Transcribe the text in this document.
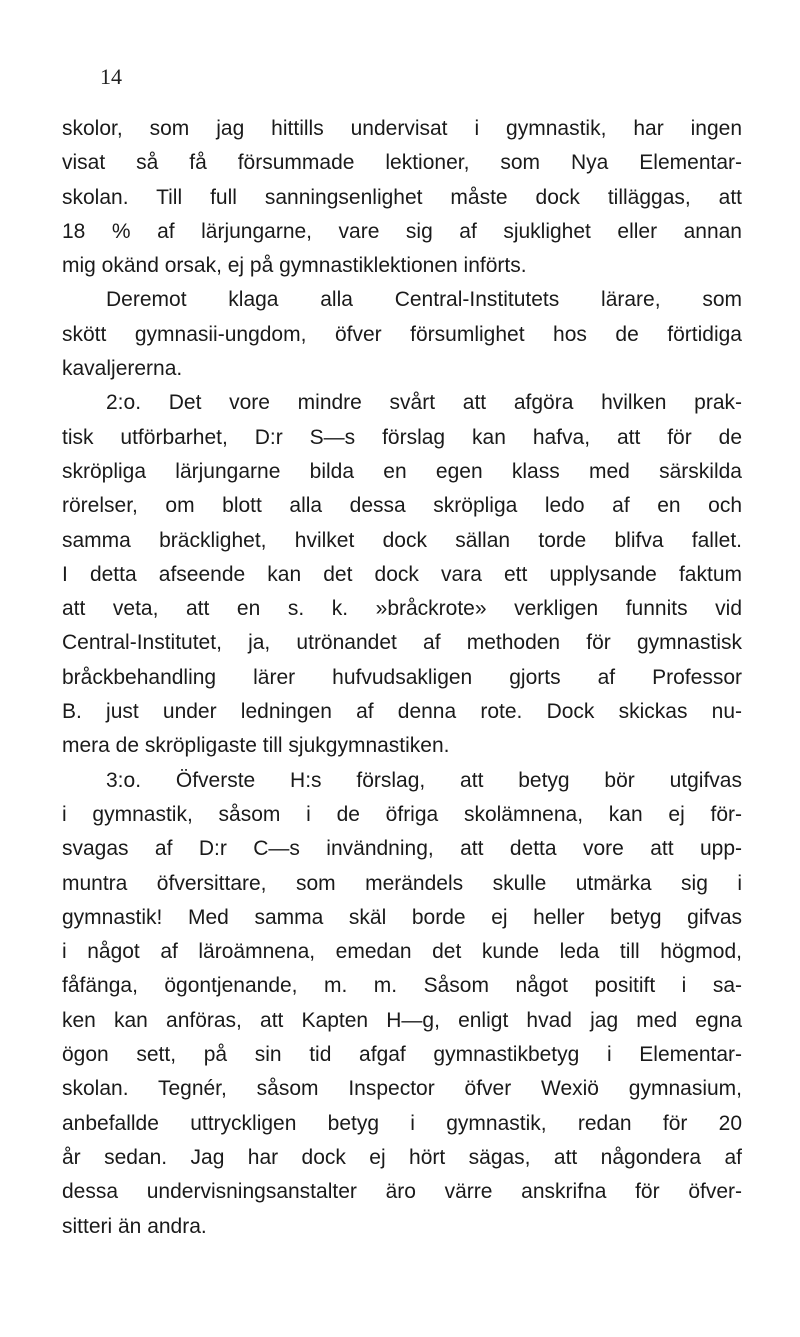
14
skolor, som jag hittills undervisat i gymnastik, har ingen
visat så få försummade lektioner, som Nya Elementar-
skolan. Till full sanningsenlighet måste dock tilläggas, att
18 % af lärjungarne, vare sig af sjuklighet eller annan
mig okänd orsak, ej på gymnastiklektionen införts.
Deremot klaga alla Central-Institutets lärare, som
skött gymnasii-ungdom, öfver försumlighet hos de förtidiga
kavaljererna.
2:o. Det vore mindre svårt att afgöra hvilken prak-
tisk utförbarhet, D:r S—s förslag kan hafva, att för de
skröpliga lärjungarne bilda en egen klass med särskilda
rörelser, om blott alla dessa skröpliga ledo af en och
samma bräcklighet, hvilket dock sällan torde blifva fallet.
I detta afseende kan det dock vara ett upplysande faktum
att veta, att en s. k. »bråckrote» verkligen funnits vid
Central-Institutet, ja, utrönandet af methoden för gymnastisk
bråckbehandling lärer hufvudsakligen gjorts af Professor
B. just under ledningen af denna rote. Dock skickas nu-
mera de skröpligaste till sjukgymnastiken.
3:o. Öfverste H:s förslag, att betyg bör utgifvas
i gymnastik, såsom i de öfriga skolämnena, kan ej för-
svagas af D:r C—s invändning, att detta vore att upp-
muntra öfversittare, som merändels skulle utmärka sig i
gymnastik! Med samma skäl borde ej heller betyg gifvas
i något af läroämnena, emedan det kunde leda till högmod,
fåfänga, ögontjenande, m. m. Såsom något positift i sa-
ken kan anföras, att Kapten H—g, enligt hvad jag med egna
ögon sett, på sin tid afgaf gymnastikbetyg i Elementar-
skolan. Tegnér, såsom Inspector öfver Wexiö gymnasium,
anbefallde uttryckligen betyg i gymnastik, redan för 20
år sedan. Jag har dock ej hört sägas, att någondera af
dessa undervisningsanstalter äro värre anskrifna för öfver-
sitteri än andra.
